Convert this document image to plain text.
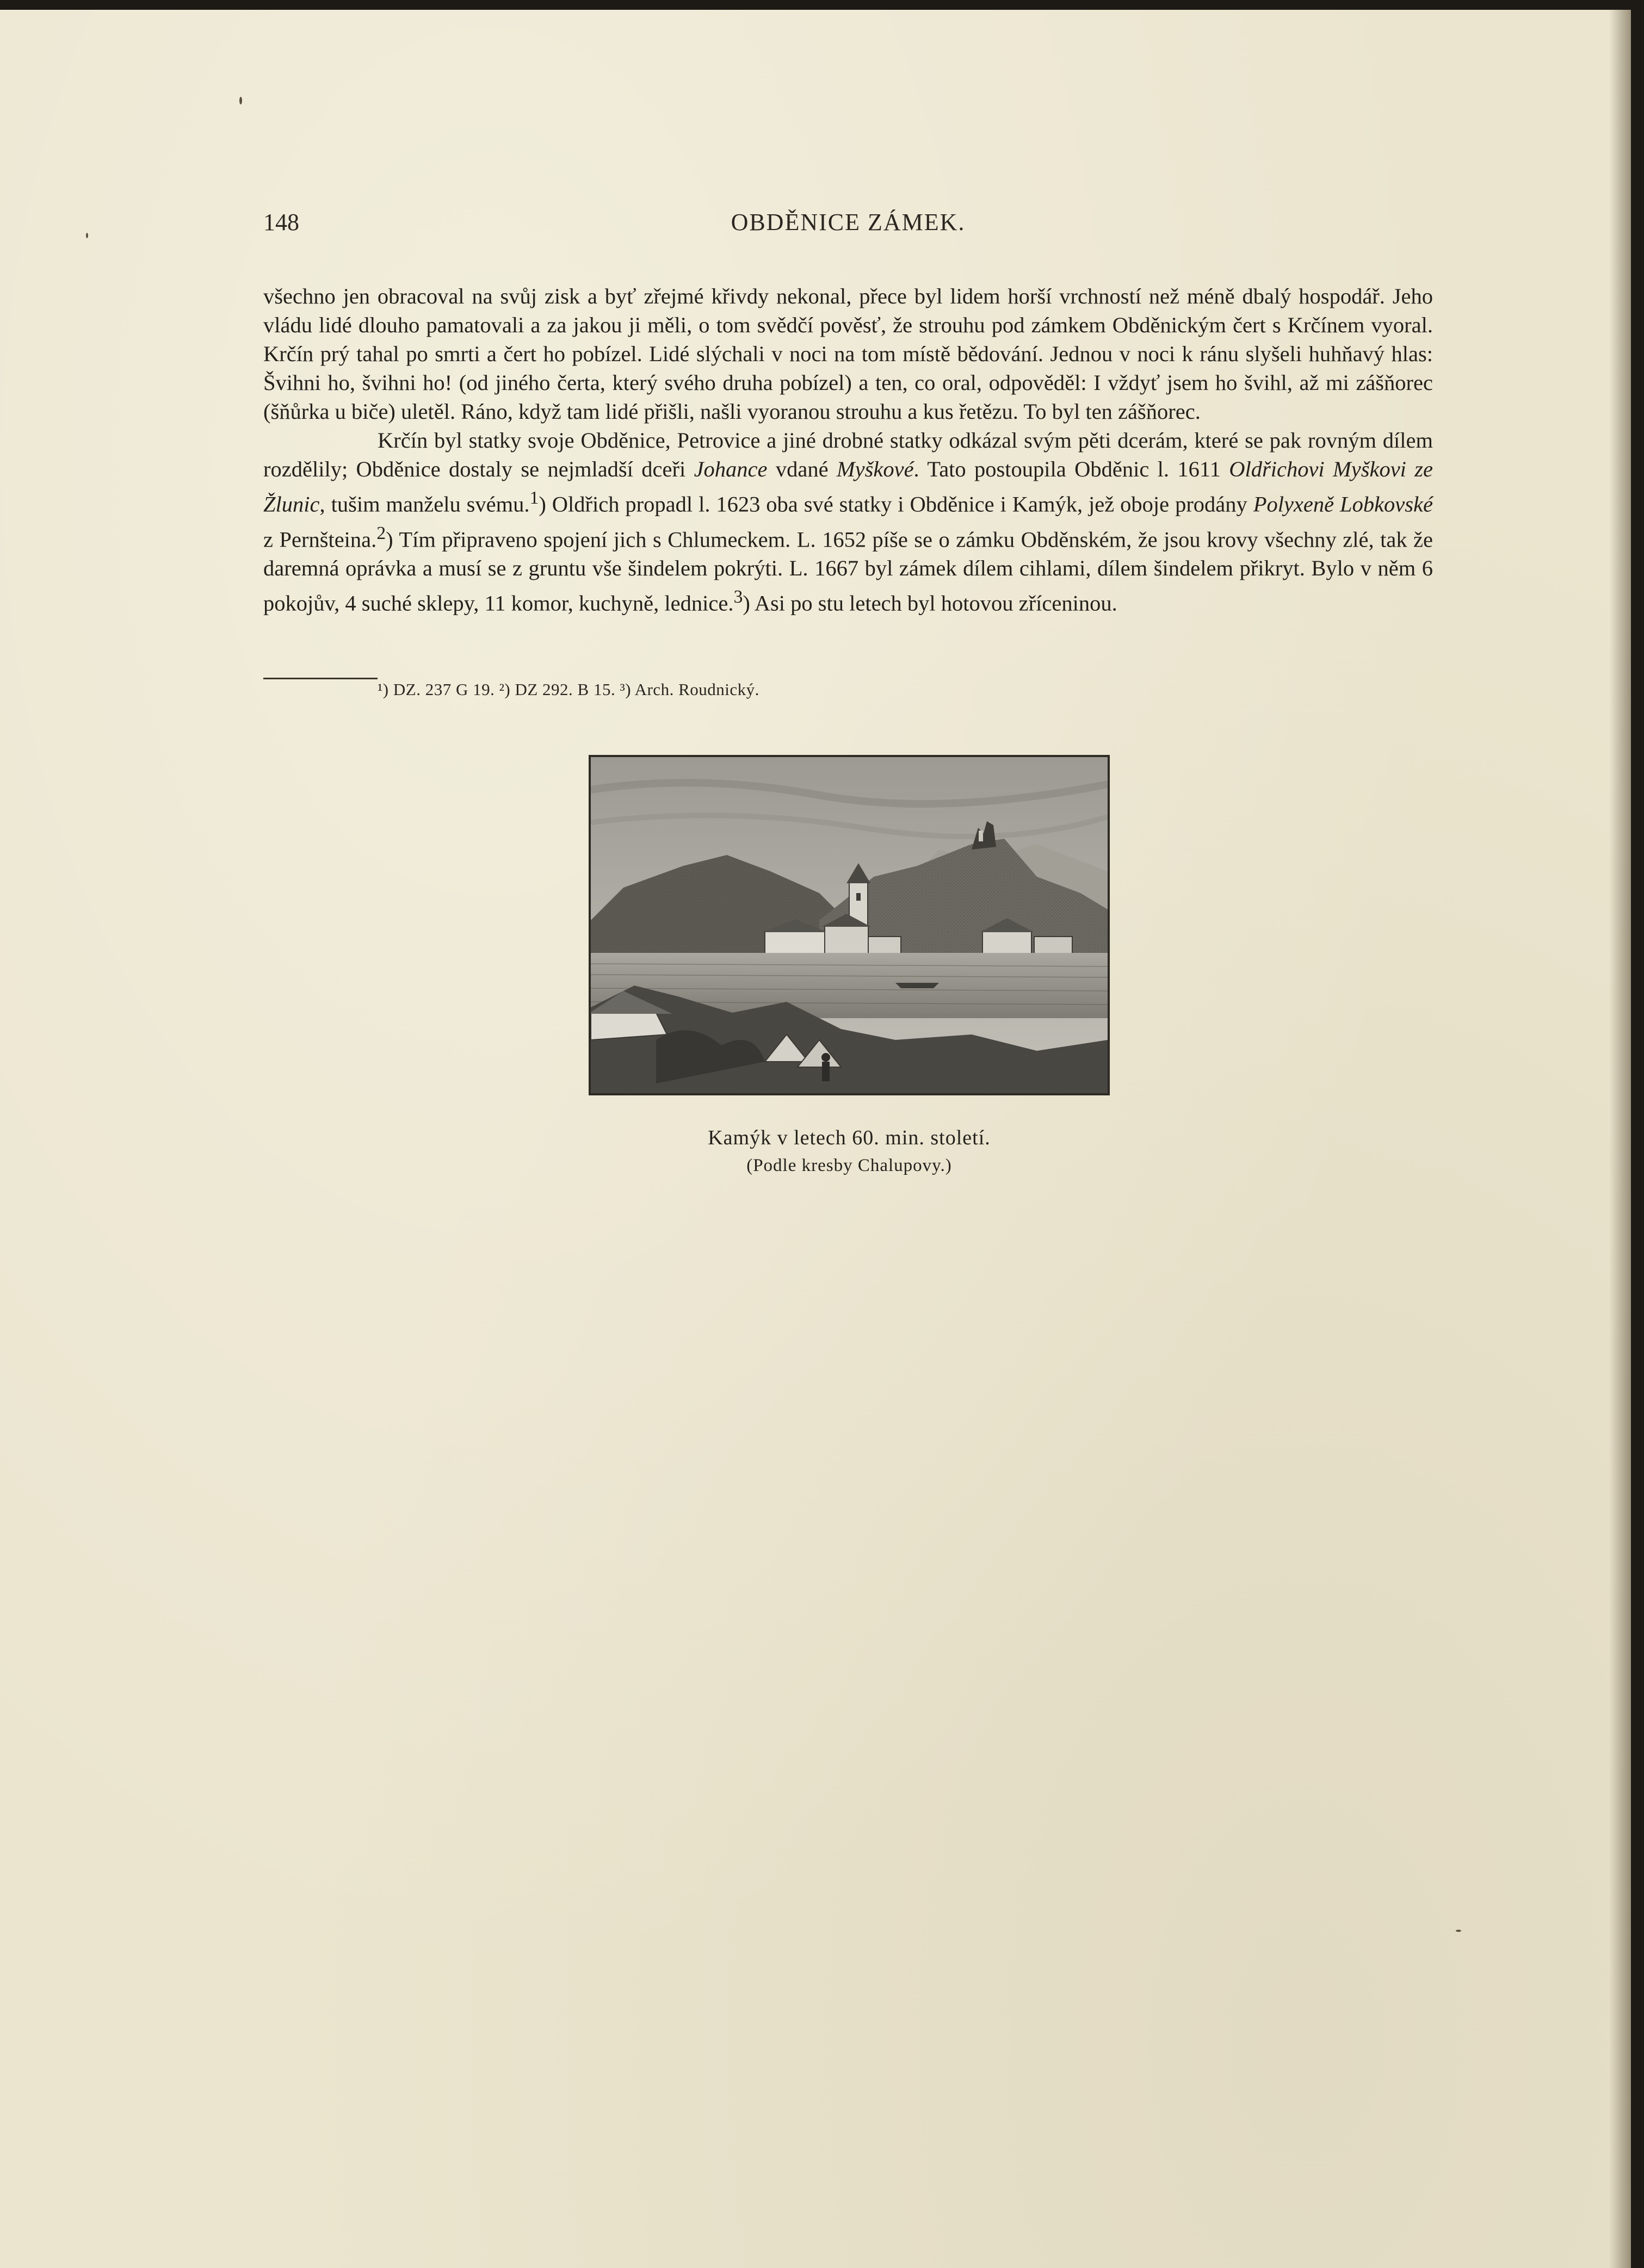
148	OBDĚNICE ZÁMEK.

všechno jen obracoval na svůj zisk a byť zřejmé křivdy nekonal, přece byl lidem horší vrchností než méně dbalý hospodář. Jeho vládu lidé dlouho pamatovali a za jakou ji měli, o tom svědčí pověsť, že strouhu pod zámkem Obděnickým čert s Krčínem vyoral. Krčín prý tahal po smrti a čert ho pobízel. Lidé slýchali v noci na tom místě bědování. Jednou v noci k ránu slyšeli huhňavý hlas: Švihni ho, švihni ho! (od jiného čerta, který svého druha pobízel) a ten, co oral, odpověděl: I vždyť jsem ho švihl, až mi zášňorec (šňůrka u biče) uletěl. Ráno, když tam lidé přišli, našli vyoranou strouhu a kus řetězu. To byl ten zášňorec.

Krčín byl statky svoje Obděnice, Petrovice a jiné drobné statky odkázal svým pěti dcerám, které se pak rovným dílem rozdělily; Obděnice dostaly se nejmladší dceři Johance vdané Myškové. Tato postoupila Obděnic l. 1611 Oldřichovi Myškovi ze Žlunic, tušim manželu svému.$^1$) Oldřich propadl l. 1623 oba své statky i Obděnice i Kamýk, jež oboje prodány Polyxeně Lobkovské z Pernšteina.$^2$) Tím připraveno spojení jich s Chlumeckem. L. 1652 píše se o zámku Obděnském, že jsou krovy všechny zlé, tak že daremná oprávka a musí se z gruntu vše šindelem pokrýti. L. 1667 byl zámek dílem cihlami, dílem šindelem přikryt. Bylo v něm 6 pokojův, 4 suché sklepy, 11 komor, kuchyně, lednice.$^3$) Asi po stu letech byl hotovou zříceninou.

¹) DZ. 237 G 19. ²) DZ 292. B 15. ³) Arch. Roudnický.
Kamýk v letech 60. min. století.
(Podle kresby Chalupovy.)
